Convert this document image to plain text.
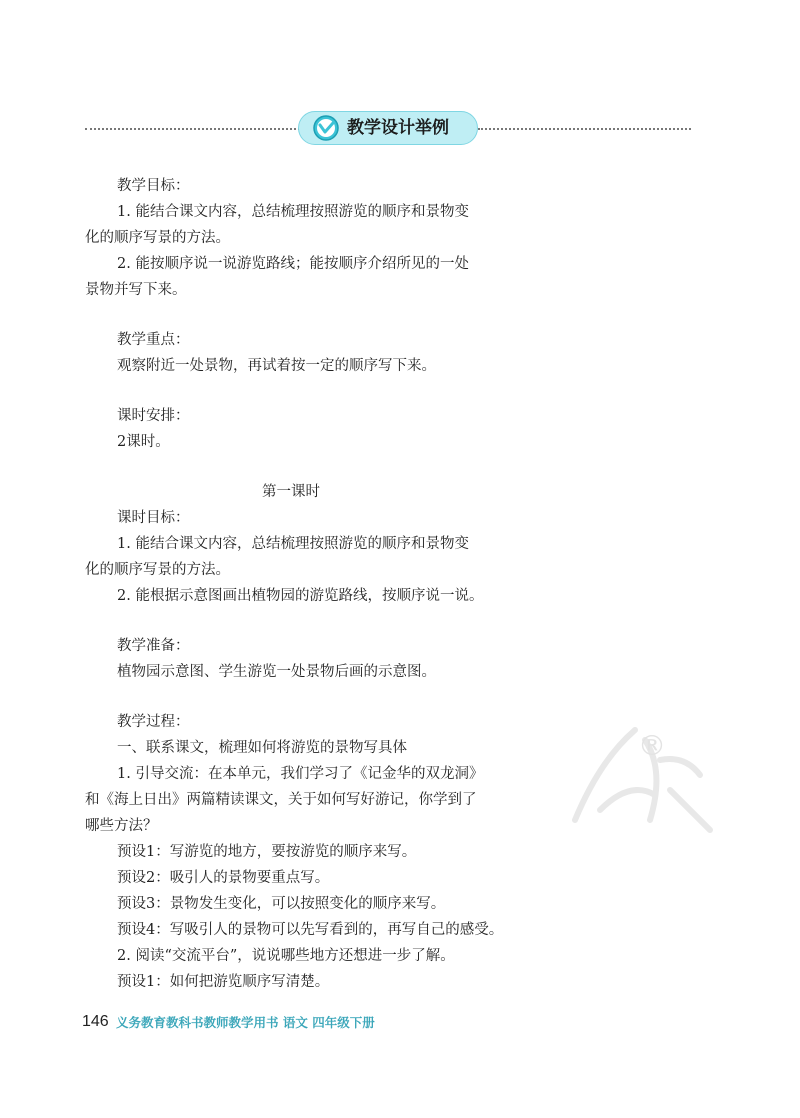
教学设计举例
教学目标：
1. 能结合课文内容，总结梳理按照游览的顺序和景物变
化的顺序写景的方法。
2. 能按顺序说一说游览路线；能按顺序介绍所见的一处
景物并写下来。
教学重点：
观察附近一处景物，再试着按一定的顺序写下来。
课时安排：
2课时。
第一课时
课时目标：
1. 能结合课文内容，总结梳理按照游览的顺序和景物变
化的顺序写景的方法。
2. 能根据示意图画出植物园的游览路线，按顺序说一说。
教学准备：
植物园示意图、学生游览一处景物后画的示意图。
教学过程：
一、联系课文，梳理如何将游览的景物写具体
1. 引导交流：在本单元，我们学习了《记金华的双龙洞》
和《海上日出》两篇精读课文，关于如何写好游记，你学到了
哪些方法？
预设1：写游览的地方，要按游览的顺序来写。
预设2：吸引人的景物要重点写。
预设3：景物发生变化，可以按照变化的顺序来写。
预设4：写吸引人的景物可以先写看到的，再写自己的感受。
2. 阅读“交流平台”，说说哪些地方还想进一步了解。
预设1：如何把游览顺序写清楚。
®
146 义务教育教科书教师教学用书 语文 四年级下册
